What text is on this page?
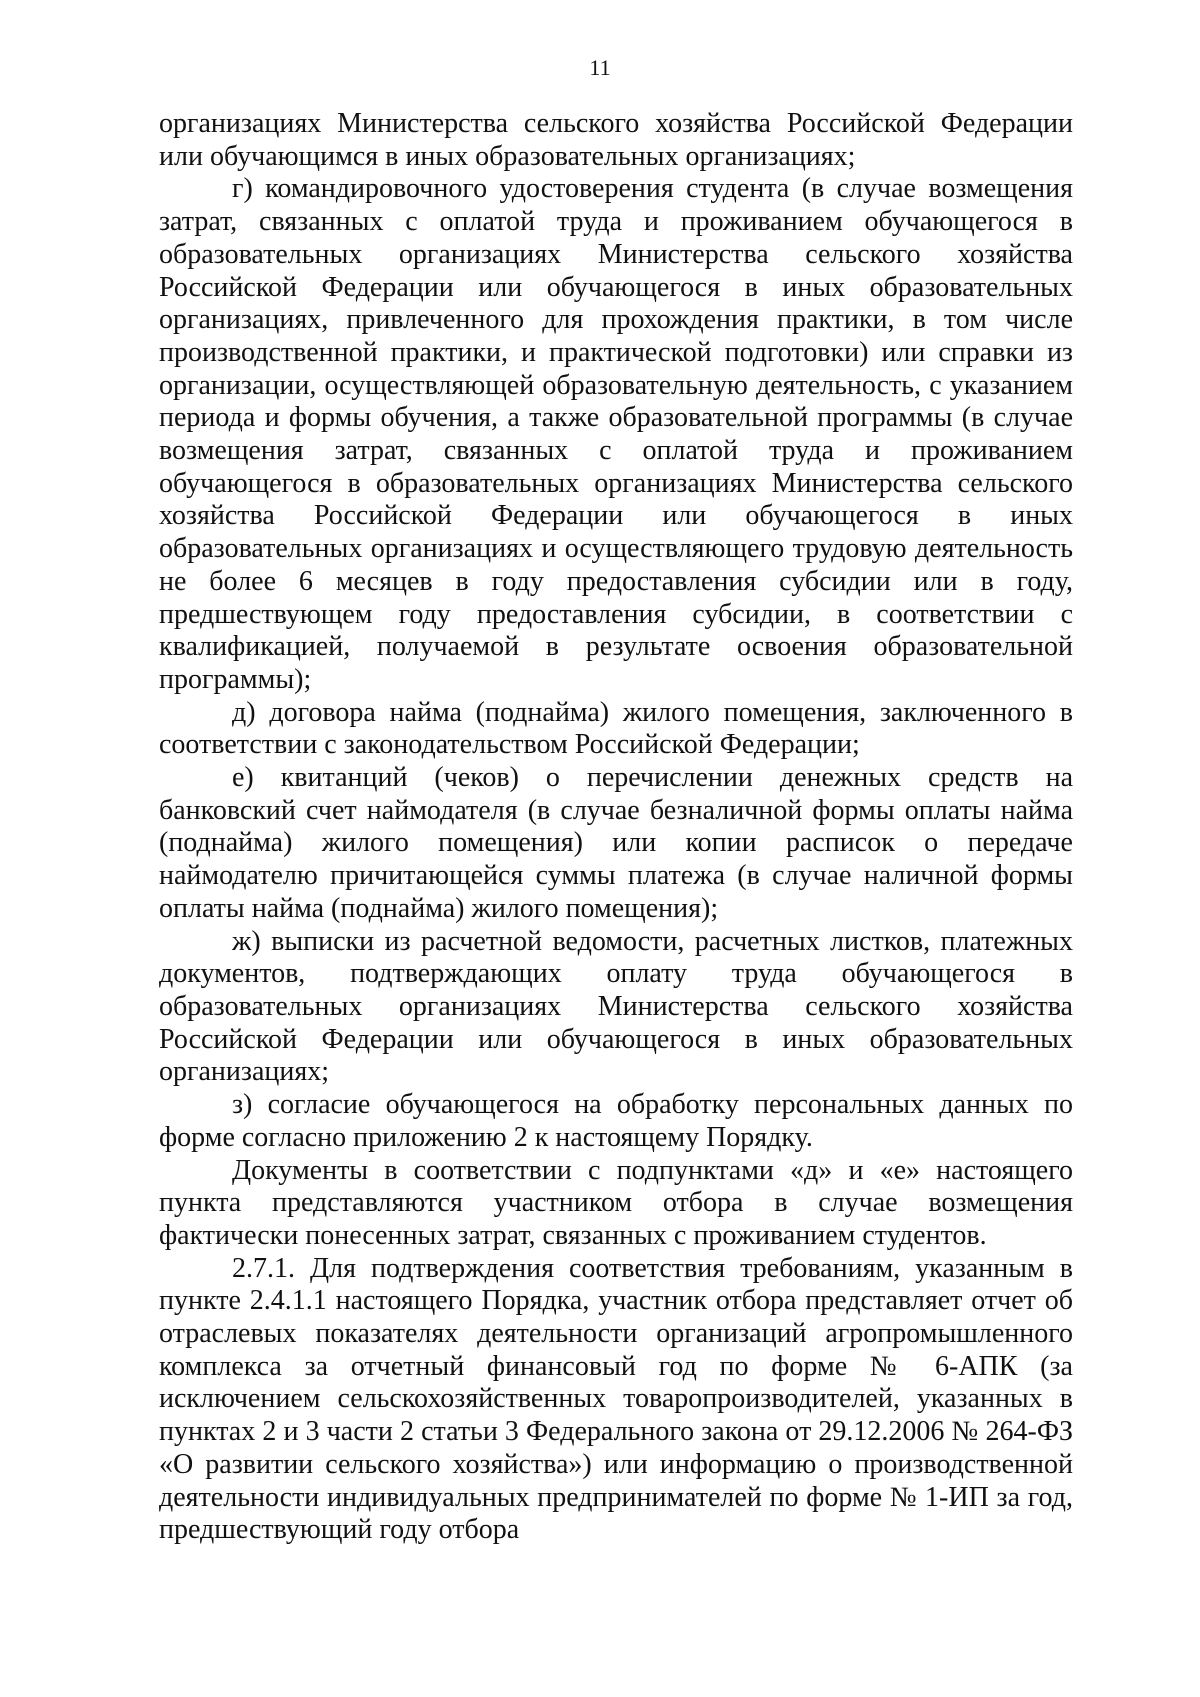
11

организациях Министерства сельского хозяйства Российской Федерации или обучающимся в иных образовательных организациях;

г) командировочного удостоверения студента (в случае возмещения затрат, связанных с оплатой труда и проживанием обучающегося в образовательных организациях Министерства сельского хозяйства Российской Федерации или обучающегося в иных образовательных организациях, привлеченного для прохождения практики, в том числе производственной практики, и практической подготовки) или справки из организации, осуществляющей образовательную деятельность, с указанием периода и формы обучения, а также образовательной программы (в случае возмещения затрат, связанных с оплатой труда и проживанием обучающегося в образовательных организациях Министерства сельского хозяйства Российской Федерации или обучающегося в иных образовательных организациях и осуществляющего трудовую деятельность не более 6 месяцев в году предоставления субсидии или в году, предшествующем году предоставления субсидии, в соответствии с квалификацией, получаемой в результате освоения образовательной программы);

д) договора найма (поднайма) жилого помещения, заключенного в соответствии с законодательством Российской Федерации;

е) квитанций (чеков) о перечислении денежных средств на банковский счет наймодателя (в случае безналичной формы оплаты найма (поднайма) жилого помещения) или копии расписок о передаче наймодателю причитающейся суммы платежа (в случае наличной формы оплаты найма (поднайма) жилого помещения);

ж) выписки из расчетной ведомости, расчетных листков, платежных документов, подтверждающих оплату труда обучающегося в образовательных организациях Министерства сельского хозяйства Российской Федерации или обучающегося в иных образовательных организациях;

з) согласие обучающегося на обработку персональных данных по форме согласно приложению 2 к настоящему Порядку.

Документы в соответствии с подпунктами «д» и «е» настоящего пункта представляются участником отбора в случае возмещения фактически понесенных затрат, связанных с проживанием студентов.

2.7.1. Для подтверждения соответствия требованиям, указанным в пункте 2.4.1.1 настоящего Порядка, участник отбора представляет отчет об отраслевых показателях деятельности организаций агропромышленного комплекса за отчетный финансовый год по форме № 6-АПК (за исключением сельскохозяйственных товаропроизводителей, указанных в пунктах 2 и 3 части 2 статьи 3 Федерального закона от 29.12.2006 № 264-ФЗ «О развитии сельского хозяйства») или информацию о производственной деятельности индивидуальных предпринимателей по форме № 1-ИП за год, предшествующий году отбора
